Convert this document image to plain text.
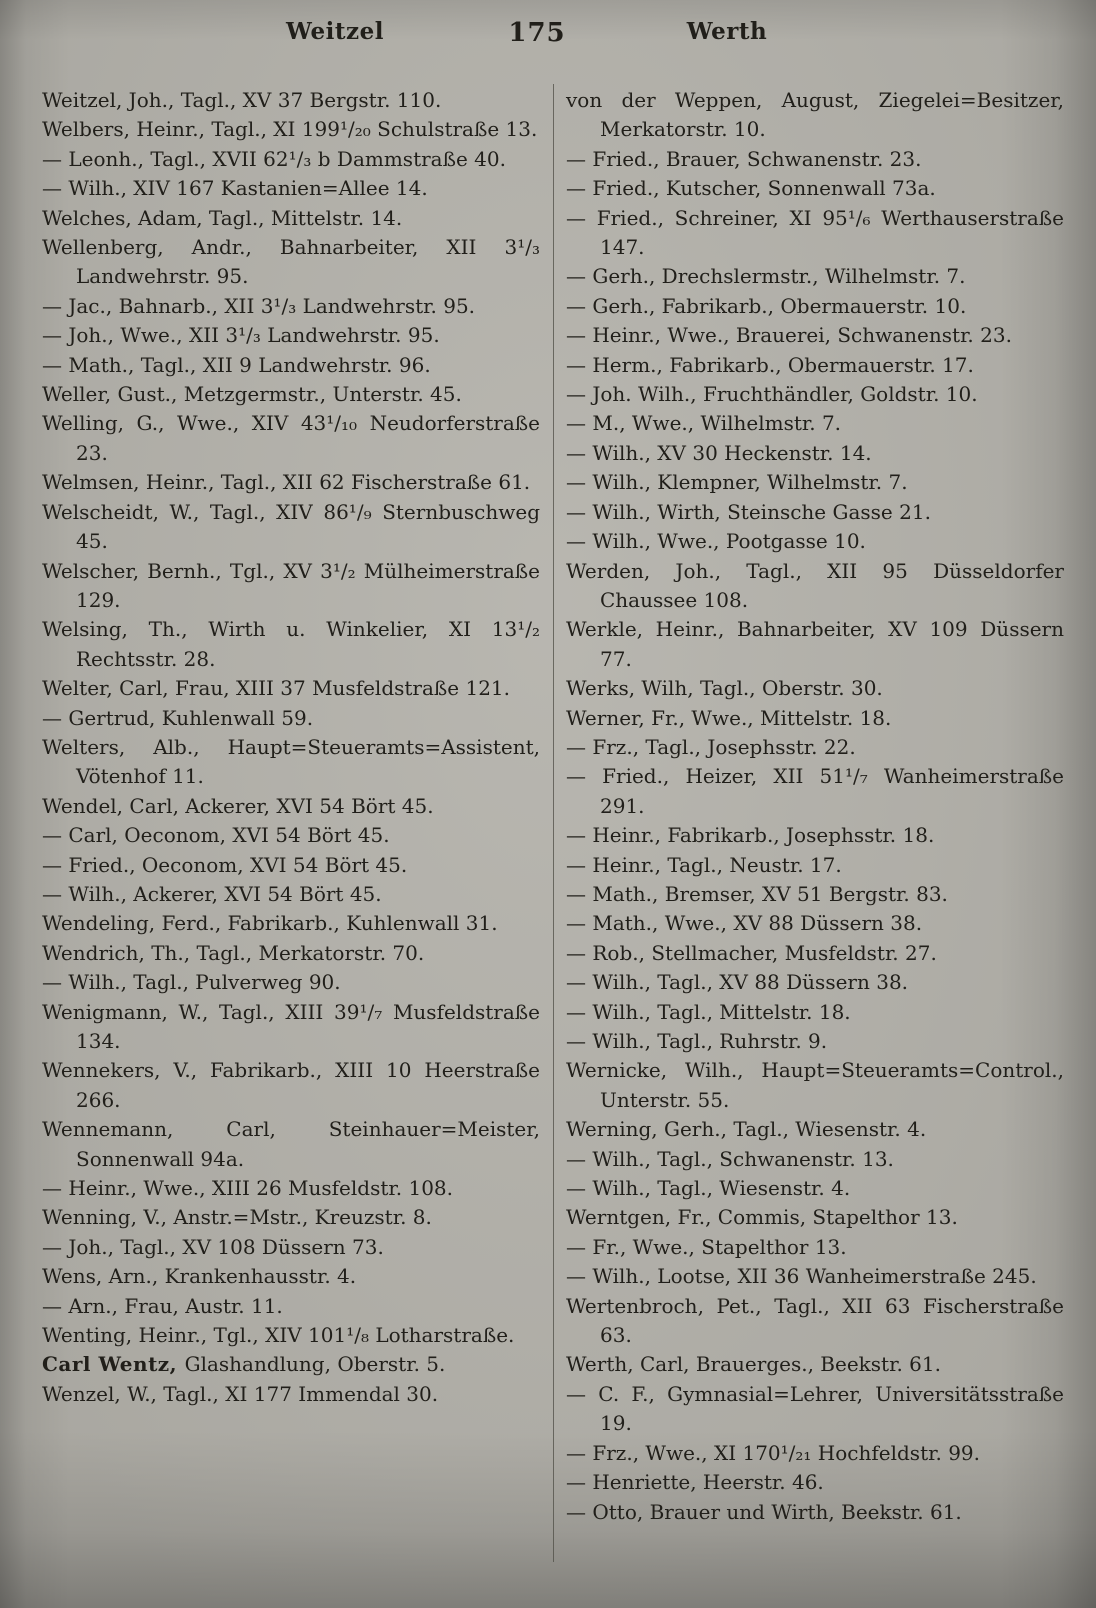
Weitzel	175	Werth

Weitzel, Joh., Tagl., XV 37 Bergstr. 110.

Welbers, Heinr., Tagl., XI 199¹/₂₀ Schulstraße 13.

— Leonh., Tagl., XVII 62¹/₃ b Dammstraße 40.

— Wilh., XIV 167 Kastanien=Allee 14.

Welches, Adam, Tagl., Mittelstr. 14.

Wellenberg, Andr., Bahnarbeiter, XII 3¹/₃ Landwehrstr. 95.

— Jac., Bahnarb., XII 3¹/₃ Landwehrstr. 95.

— Joh., Wwe., XII 3¹/₃ Landwehrstr. 95.

— Math., Tagl., XII 9 Landwehrstr. 96.

Weller, Gust., Metzgermstr., Unterstr. 45.

Welling, G., Wwe., XIV 43¹/₁₀ Neudorferstraße 23.

Welmsen, Heinr., Tagl., XII 62 Fischerstraße 61.

Welscheidt, W., Tagl., XIV 86¹/₉ Sternbuschweg 45.

Welscher, Bernh., Tgl., XV 3¹/₂ Mülheimerstraße 129.

Welsing, Th., Wirth u. Winkelier, XI 13¹/₂ Rechtsstr. 28.

Welter, Carl, Frau, XIII 37 Musfeldstraße 121.

— Gertrud, Kuhlenwall 59.

Welters, Alb., Haupt=Steueramts=Assistent, Vötenhof 11.

Wendel, Carl, Ackerer, XVI 54 Bört 45.

— Carl, Oeconom, XVI 54 Bört 45.

— Fried., Oeconom, XVI 54 Bört 45.

— Wilh., Ackerer, XVI 54 Bört 45.

Wendeling, Ferd., Fabrikarb., Kuhlenwall 31.

Wendrich, Th., Tagl., Merkatorstr. 70.

— Wilh., Tagl., Pulverweg 90.

Wenigmann, W., Tagl., XIII 39¹/₇ Musfeldstraße 134.

Wennekers, V., Fabrikarb., XIII 10 Heerstraße 266.

Wennemann, Carl, Steinhauer=Meister, Sonnenwall 94a.

— Heinr., Wwe., XIII 26 Musfeldstr. 108.

Wenning, V., Anstr.=Mstr., Kreuzstr. 8.

— Joh., Tagl., XV 108 Düssern 73.

Wens, Arn., Krankenhausstr. 4.

— Arn., Frau, Austr. 11.

Wenting, Heinr., Tgl., XIV 101¹/₈ Lotharstraße.

Carl Wentz, Glashandlung, Oberstr. 5.

Wenzel, W., Tagl., XI 177 Immendal 30.

von der Weppen, August, Ziegelei=Besitzer, Merkatorstr. 10.

— Fried., Brauer, Schwanenstr. 23.

— Fried., Kutscher, Sonnenwall 73a.

— Fried., Schreiner, XI 95¹/₆ Werthauserstraße 147.

— Gerh., Drechslermstr., Wilhelmstr. 7.

— Gerh., Fabrikarb., Obermauerstr. 10.

— Heinr., Wwe., Brauerei, Schwanenstr. 23.

— Herm., Fabrikarb., Obermauerstr. 17.

— Joh. Wilh., Fruchthändler, Goldstr. 10.

— M., Wwe., Wilhelmstr. 7.

— Wilh., XV 30 Heckenstr. 14.

— Wilh., Klempner, Wilhelmstr. 7.

— Wilh., Wirth, Steinsche Gasse 21.

— Wilh., Wwe., Pootgasse 10.

Werden, Joh., Tagl., XII 95 Düsseldorfer Chaussee 108.

Werkle, Heinr., Bahnarbeiter, XV 109 Düssern 77.

Werks, Wilh, Tagl., Oberstr. 30.

Werner, Fr., Wwe., Mittelstr. 18.

— Frz., Tagl., Josephsstr. 22.

— Fried., Heizer, XII 51¹/₇ Wanheimerstraße 291.

— Heinr., Fabrikarb., Josephsstr. 18.

— Heinr., Tagl., Neustr. 17.

— Math., Bremser, XV 51 Bergstr. 83.

— Math., Wwe., XV 88 Düssern 38.

— Rob., Stellmacher, Musfeldstr. 27.

— Wilh., Tagl., XV 88 Düssern 38.

— Wilh., Tagl., Mittelstr. 18.

— Wilh., Tagl., Ruhrstr. 9.

Wernicke, Wilh., Haupt=Steueramts=Control., Unterstr. 55.

Werning, Gerh., Tagl., Wiesenstr. 4.

— Wilh., Tagl., Schwanenstr. 13.

— Wilh., Tagl., Wiesenstr. 4.

Werntgen, Fr., Commis, Stapelthor 13.

— Fr., Wwe., Stapelthor 13.

— Wilh., Lootse, XII 36 Wanheimerstraße 245.

Wertenbroch, Pet., Tagl., XII 63 Fischerstraße 63.

Werth, Carl, Brauerges., Beekstr. 61.

— C. F., Gymnasial=Lehrer, Universitätsstraße 19.

— Frz., Wwe., XI 170¹/₂₁ Hochfeldstr. 99.

— Henriette, Heerstr. 46.

— Otto, Brauer und Wirth, Beekstr. 61.
